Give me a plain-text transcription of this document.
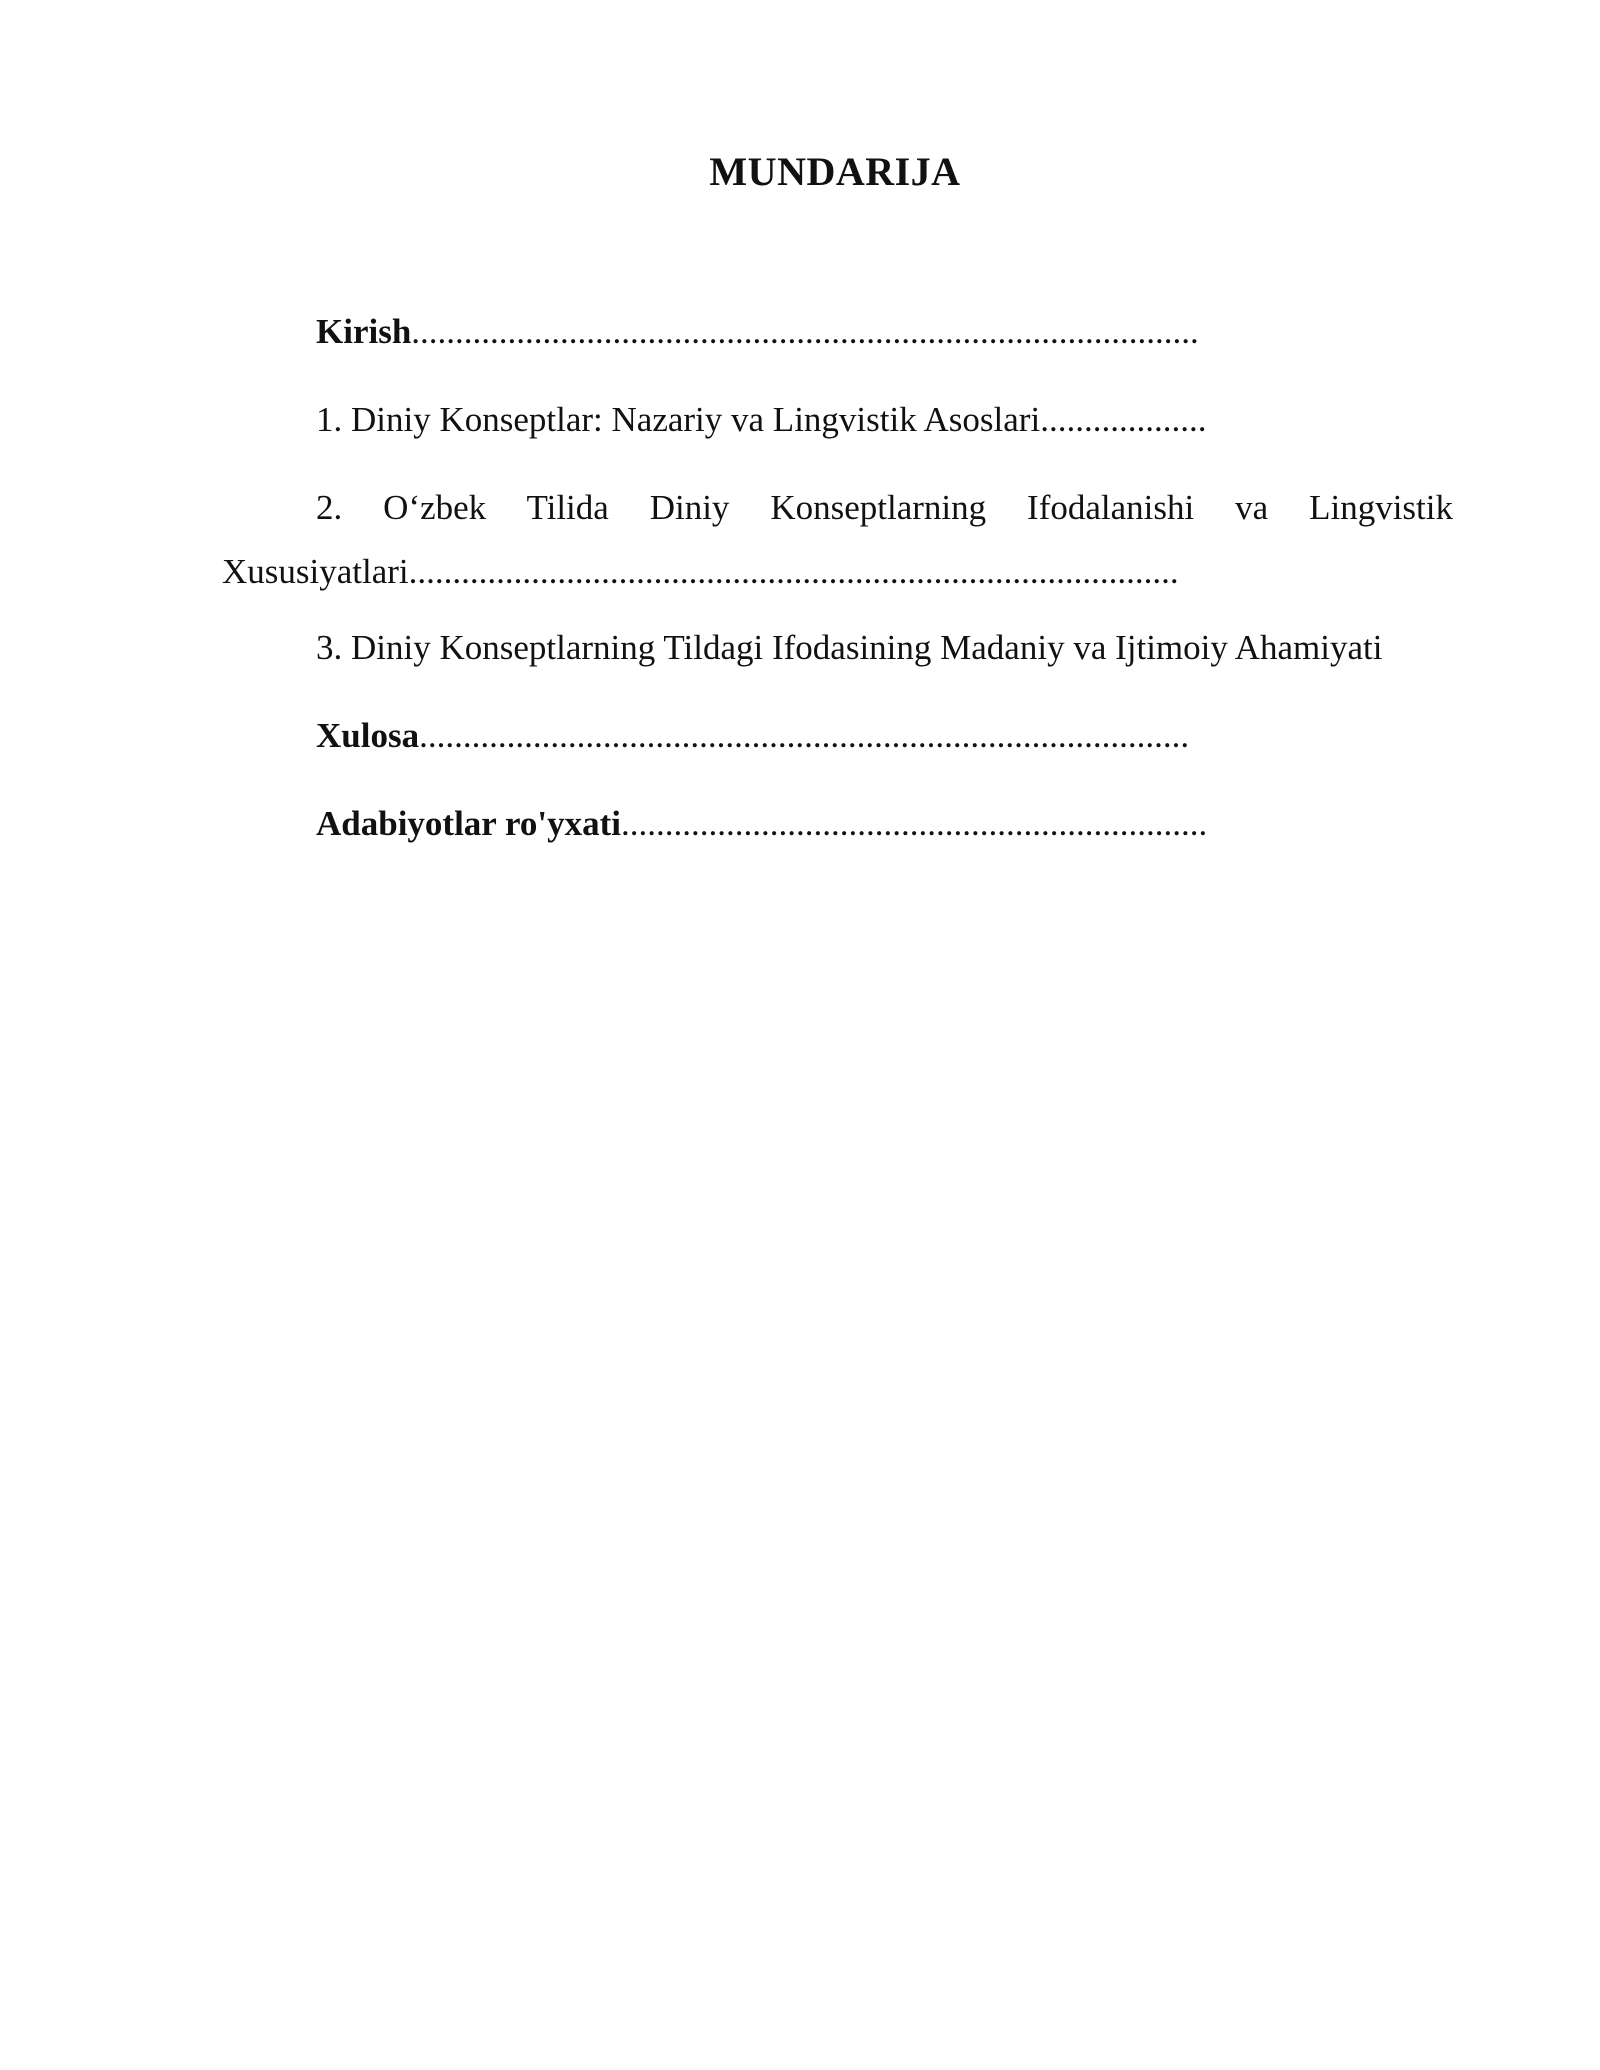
MUNDARIJA
Kirish..........................................................................................
1. Diniy Konseptlar: Nazariy va Lingvistik Asoslari...................
2. O‘zbek Tilida Diniy Konseptlarning Ifodalanishi va Lingvistik Xususiyatlari........................................................................................
3. Diniy Konseptlarning Tildagi Ifodasining Madaniy va Ijtimoiy Ahamiyati
Xulosa........................................................................................
Adabiyotlar ro'yxati...................................................................
